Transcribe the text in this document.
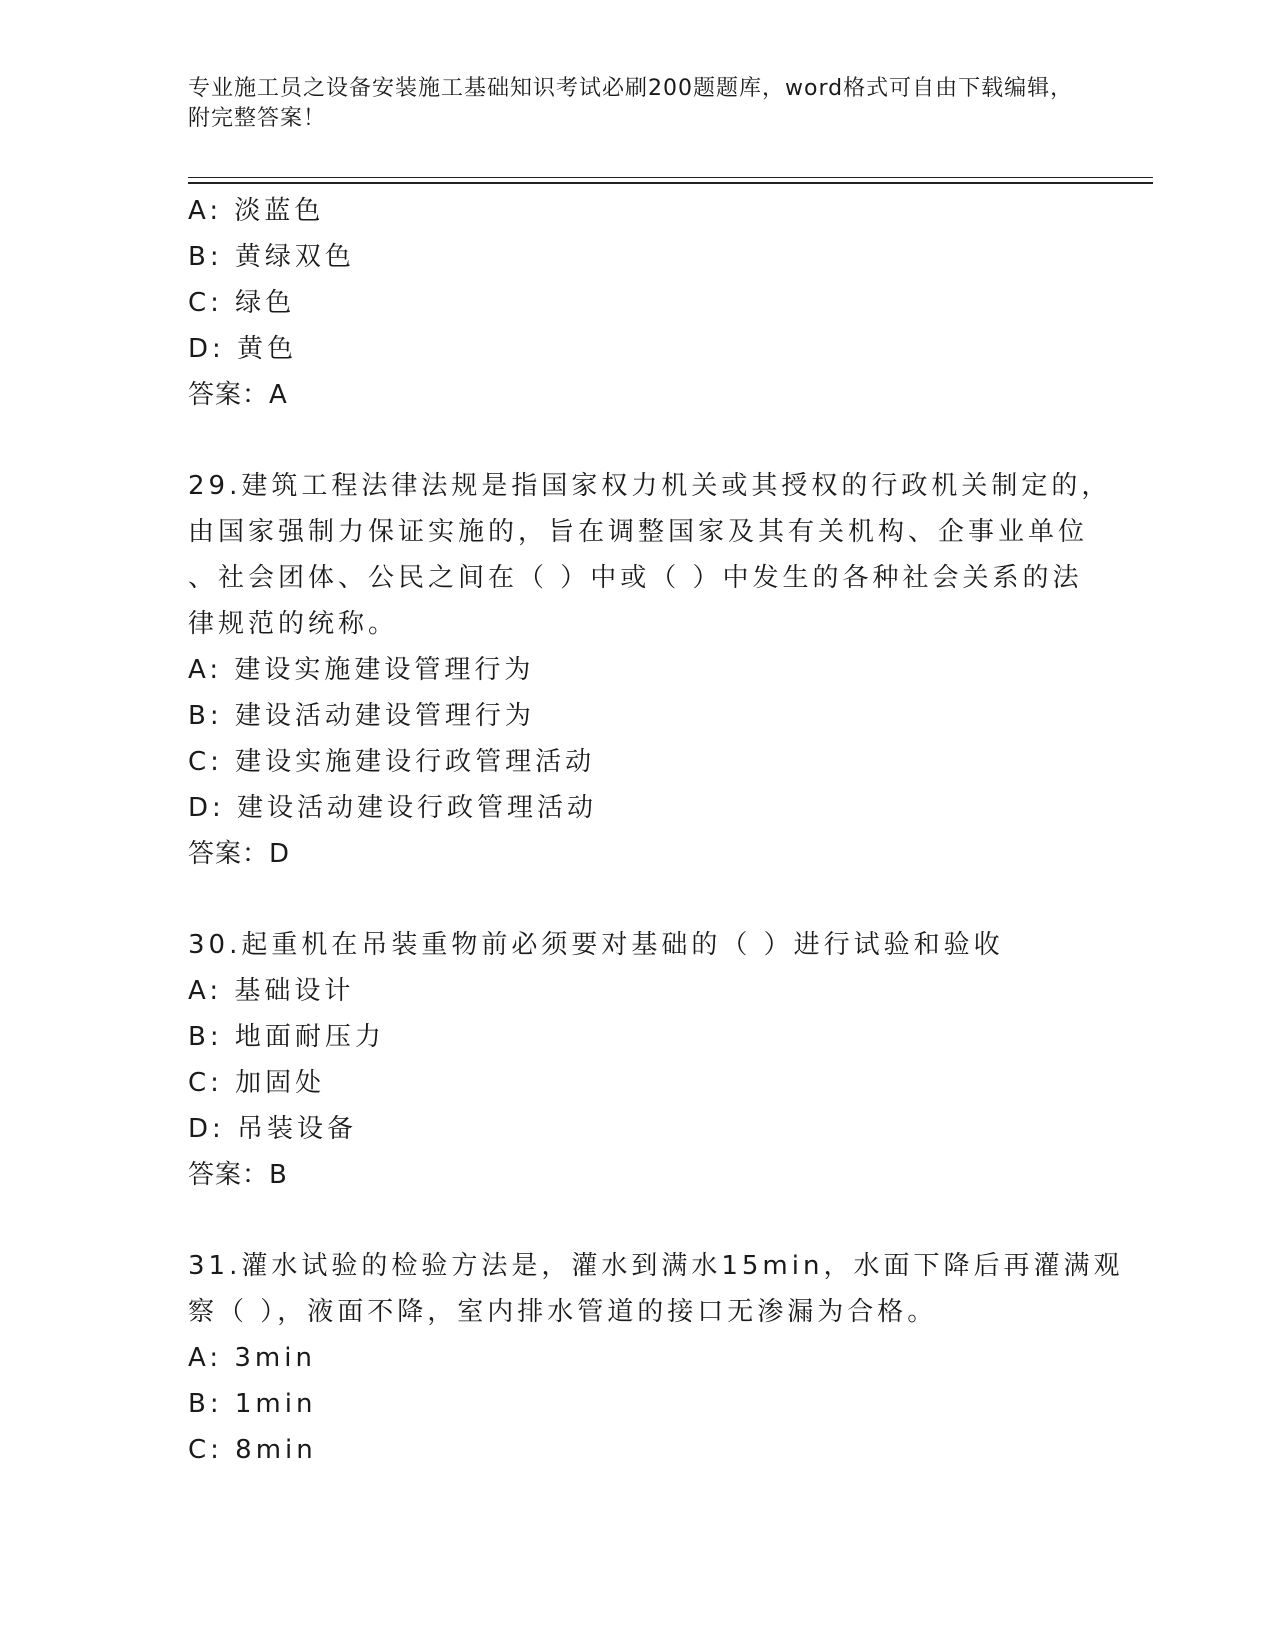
专业施工员之设备安装施工基础知识考试必刷200题题库，word格式可自由下载编辑，附完整答案！
A: 淡蓝色
B: 黄绿双色
C: 绿色
D: 黄色
答案：A
29.建筑工程法律法规是指国家权力机关或其授权的行政机关制定的，
由国家强制力保证实施的，旨在调整国家及其有关机构、企事业单位
、社会团体、公民之间在（ ）中或（ ）中发生的各种社会关系的法
律规范的统称。
A: 建设实施建设管理行为
B: 建设活动建设管理行为
C: 建设实施建设行政管理活动
D: 建设活动建设行政管理活动
答案：D
30.起重机在吊装重物前必须要对基础的（ ）进行试验和验收
A: 基础设计
B: 地面耐压力
C: 加固处
D: 吊装设备
答案：B
31.灌水试验的检验方法是，灌水到满水15min，水面下降后再灌满观
察（ ），液面不降，室内排水管道的接口无渗漏为合格。
A: 3min
B: 1min
C: 8min
